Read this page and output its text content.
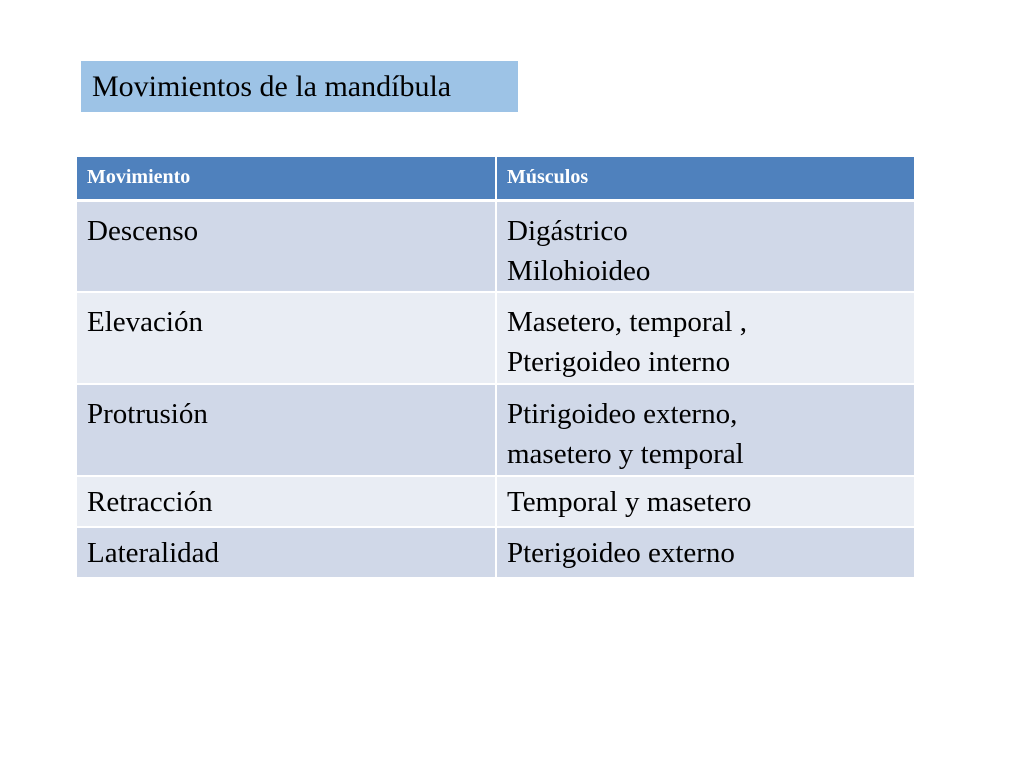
Movimientos de la mandíbula
Movimiento	Músculos
Descenso	Digástrico
Milohioideo

Elevación	Masetero, temporal ,
Pterigoideo interno

Protrusión	Ptirigoideo externo,
masetero y temporal

Retracción	Temporal y masetero

Lateralidad	Pterigoideo externo
